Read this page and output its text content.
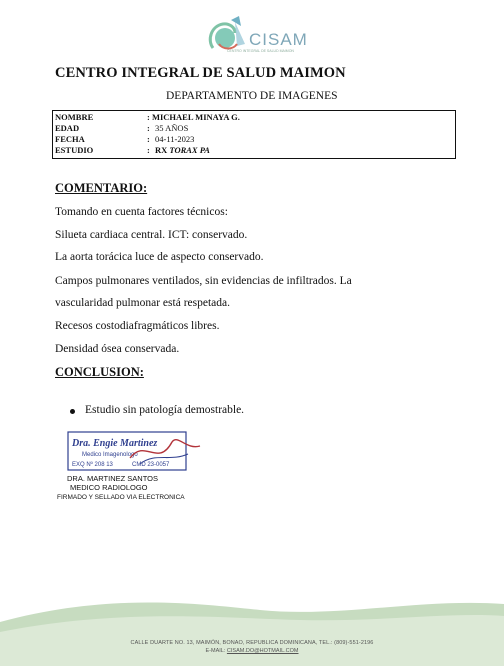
CISAM
CENTRO INTEGRAL DE SALUD MAIMON
CENTRO INTEGRAL DE SALUD MAIMON
DEPARTAMENTO DE IMAGENES
NOMBRE	: MICHAEL MINAYA G.
EDAD	: 35 AÑOS
FECHA	: 04-11-2023
ESTUDIO	: RX TORAX PA
COMENTARIO:
Tomando en cuenta factores técnicos:
Silueta cardiaca central. ICT: conservado.
La aorta torácica luce de aspecto conservado.
Campos pulmonares ventilados, sin evidencias de infiltrados. La
vascularidad pulmonar está respetada.
Recesos costodiafragmáticos libres.
Densidad ósea conservada.
CONCLUSION:
Estudio sin patología demostrable.
Dra. Engie Martinez
Medico Imagenologo
EXQ Nº 208 13	CMD 23-0057
DRA. MARTINEZ SANTOS
MEDICO RADIOLOGO
FIRMADO Y SELLADO VIA ELECTRONICA
CALLE DUARTE NO. 13, MAIMÓN, BONAO, REPUBLICA DOMINICANA, TEL.: (809)-551-2196
E-MAIL: CISAM.DO@HOTMAIL.COM
